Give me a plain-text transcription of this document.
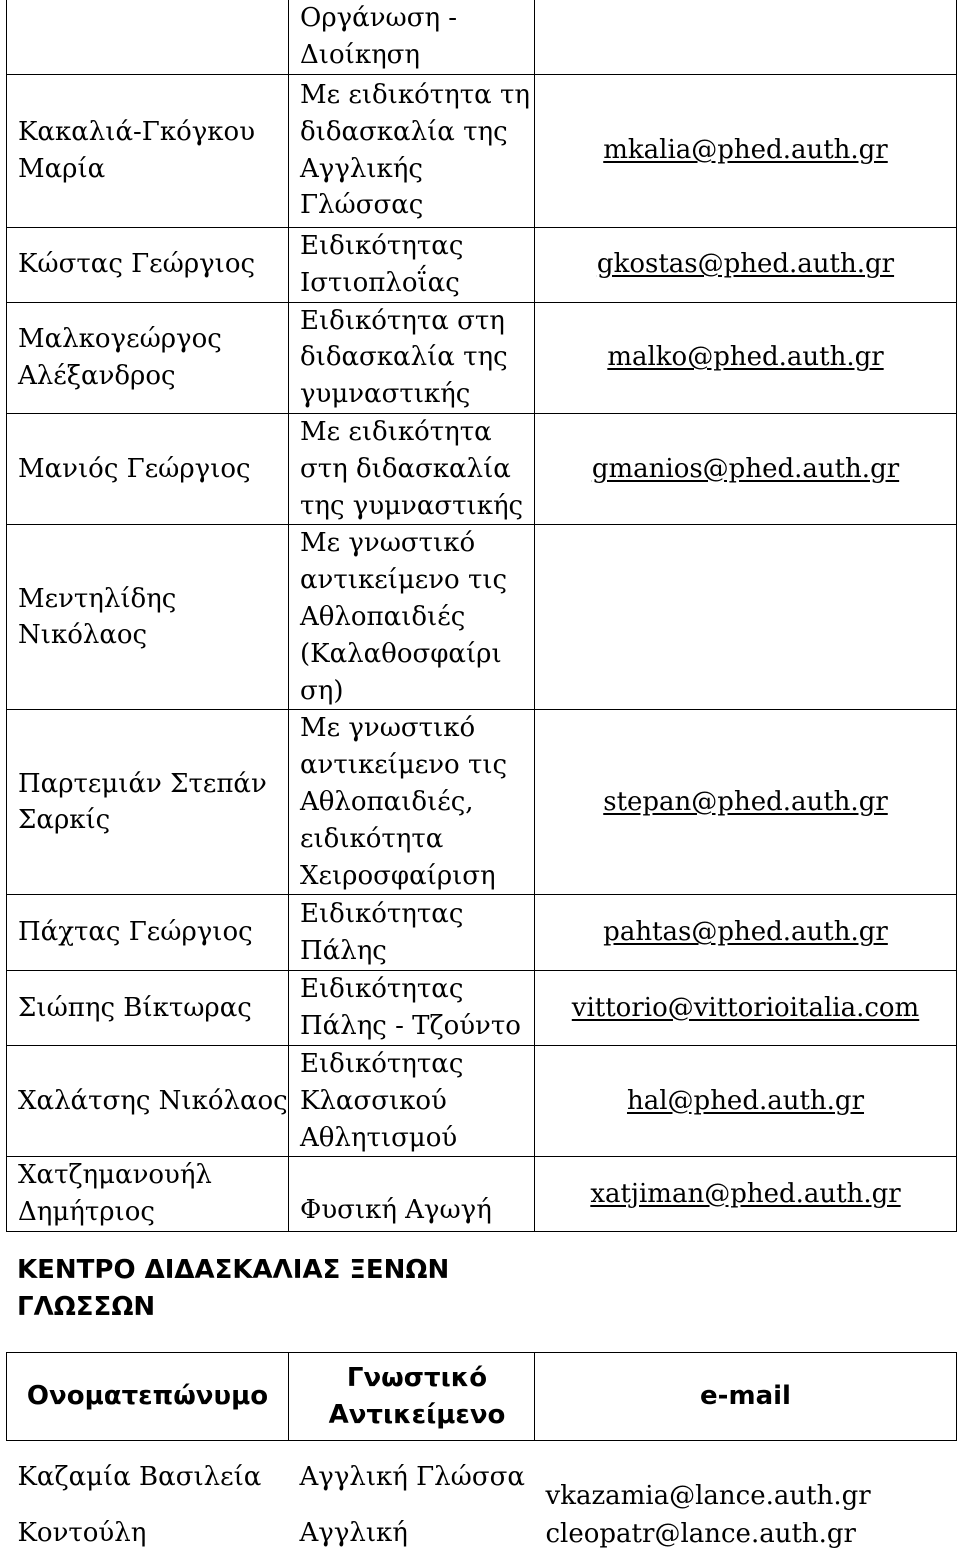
	Οργάνωση - Διοίκηση	
Κακαλιά-Γκόγκου Μαρία	Με ειδικότητα τη διδασκαλία της Αγγλικής Γλώσσας	mkalia@phed.auth.gr
Κώστας Γεώργιος	Ειδικότητας Ιστιοπλοΐας	gkostas@phed.auth.gr
Μαλκογεώργος Αλέξανδρος	Ειδικότητα στη διδασκαλία της γυμναστικής	malko@phed.auth.gr
Μανιός Γεώργιος	Με ειδικότητα στη διδασκαλία της γυμναστικής	gmanios@phed.auth.gr
Μεντηλίδης Νικόλαος	Με γνωστικό αντικείμενο τις Αθλοπαιδιές (Καλαθοσφαίρι ση)	
Παρτεμιάν Στεπάν Σαρκίς	Με γνωστικό αντικείμενο τις Αθλοπαιδιές, ειδικότητα Χειροσφαίριση	stepan@phed.auth.gr
Πάχτας Γεώργιος	Ειδικότητας Πάλης	pahtas@phed.auth.gr
Σιώπης Βίκτωρας	Ειδικότητας Πάλης - Τζούντο	vittorio@vittorioitalia.com
Χαλάτσης Νικόλαος	Ειδικότητας Κλασσικού Αθλητισμού	hal@phed.auth.gr
Χατζημανουήλ Δημήτριος	Φυσική Αγωγή	xatjiman@phed.auth.gr
ΚΕΝΤΡΟ ΔΙΔΑΣΚΑΛΙΑΣ ΞΕΝΩΝ ΓΛΩΣΣΩΝ
Ονοματεπώνυμο	Γνωστικό Αντικείμενο	e-mail
Καζαμία Βασιλεία	Αγγλική Γλώσσα	vkazamia@lance.auth.gr
Κοντούλη	Αγγλική	cleopatr@lance.auth.gr
